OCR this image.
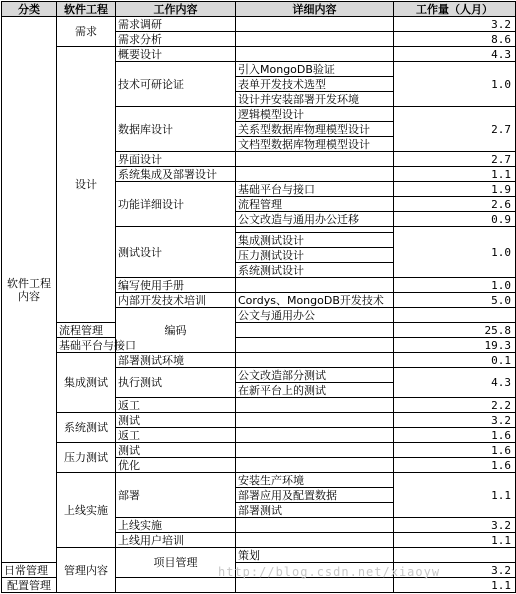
分类	软件工程	工作内容	详细内容	工作量（人月）	
软件工程内容	需求	需求调研		3.2	
		需求分析		8.6	
	设计	概要设计		4.3	
		技术可研论证	引入MongoDB验证	1.0	
			表单开发技术选型		
			设计并安装部署开发环境		
		数据库设计	逻辑模型设计	2.7	
			关系型数据库物理模型设计		
			文档型数据库物理模型设计		
		界面设计		2.7	
		系统集成及部署设计		1.1	
		功能详细设计	基础平台与接口	1.9	
			流程管理	2.6	
			公文改造与通用办公迁移	0.9	
		测试设计		1.0	
			集成测试设计		
			压力测试设计		
			系统测试设计		
		编写使用手册		1.0	
		内部开发技术培训	Cordys、MongoDB开发技术	5.0	
		编码	公文与通用办公		
	流程管理			25.8	
	基础平台与接口			19.3	
	集成测试	部署测试环境		0.1	
		执行测试	公文改造部分测试	4.3	
			在新平台上的测试		
		返工		2.2	
	系统测试	测试		3.2	
		返工		1.6	
	压力测试	测试		1.6	
		优化		1.6	
	上线实施	部署	安装生产环境	1.1	
			部署应用及配置数据		
			部署测试		
		上线实施		3.2	
		上线用户培训		1.1	
	管理内容	项目管理	策划		
日常管理				3.2	
配置管理				1.1	
http://blog.csdn.net/xiaoyw
